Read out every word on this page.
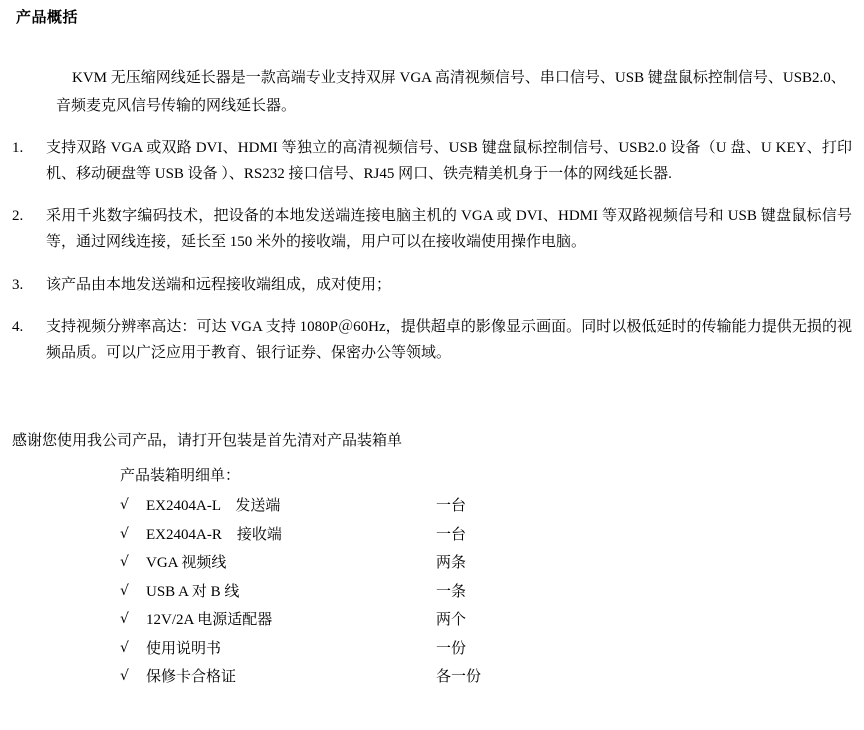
产品概括
KVM 无压缩网线延长器是一款高端专业支持双屏 VGA 高清视频信号、串口信号、USB 键盘鼠标控制信号、USB2.0、
音频麦克风信号传输的网线延长器。
1.	支持双路 VGA 或双路 DVI、HDMI 等独立的高清视频信号、USB 键盘鼠标控制信号、USB2.0 设备（U 盘、U KEY、打印机、移动硬盘等 USB 设备 ）、RS232 接口信号、RJ45 网口、铁壳精美机身于一体的网线延长器.
2.	采用千兆数字编码技术，把设备的本地发送端连接电脑主机的 VGA 或 DVI、HDMI 等双路视频信号和 USB 键盘鼠标信号等，通过网线连接，延长至 150 米外的接收端，用户可以在接收端使用操作电脑。
3.	该产品由本地发送端和远程接收端组成，成对使用；
4.	支持视频分辨率高达：可达 VGA 支持 1080P＠60Hz，提供超卓的影像显示画面。同时以极低延时的传输能力提供无损的视频品质。可以广泛应用于教育、银行证券、保密办公等领域。
感谢您使用我公司产品，请打开包装是首先清对产品装箱单
产品装箱明细单：
√	EX2404A-L　发送端	一台
√	EX2404A-R　接收端	一台
√	VGA 视频线	两条
√	USB A 对 B 线	一条
√	12V/2A 电源适配器	两个
√	使用说明书	一份
√	保修卡合格证	各一份
